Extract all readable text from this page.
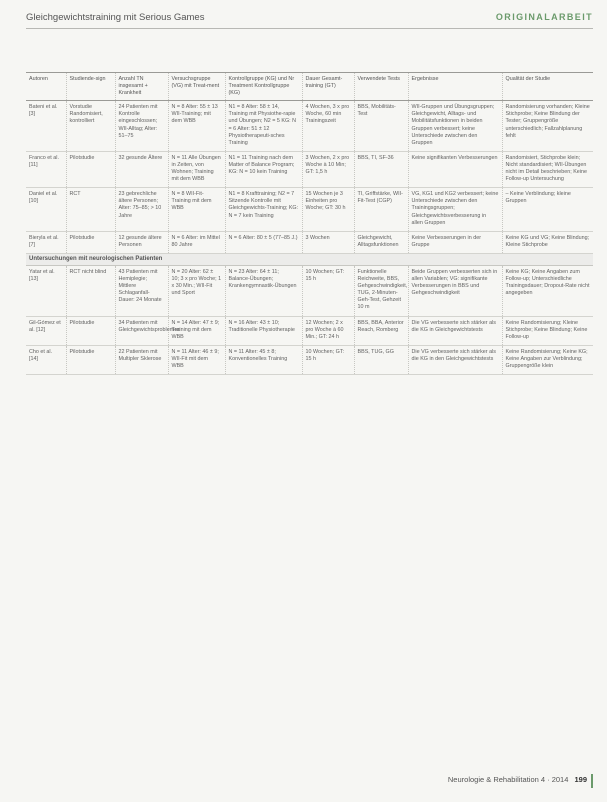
Gleichgewichtstraining mit Serious Games	ORIGINALARBEIT
Autoren	Studiende-sign	Anzahl TN insgesamt + Krankheit	Versuchsgruppe (VG) mit Treat-ment	Kontrollgruppe (KG) und Nr Treatment Kontrollgruppe (KG)	Dauer Gesamt-training (GT)	Verwendete Tests	Ergebnisse	Qualität der Studie
Bateni et al. [3]	Vorstudie Randomisiert, kontrolliert	24 Patienten mit Kontrolle eingeschlossen; WII-Alltag; Alter: 51–75	N = 8 Alter: 55 ± 13 WII-Training; mit dem WBB	N1 = 8 Alter: 58 ± 14, Training mit Physiothe-rapie und Übungen; N2 = 5 KG: N = 6 Alter: 51 ± 12 Physiotherapeuti-sches Training	4 Wochen, 3 x pro Woche, 60 min Trainingszeit	BBS, Mobilitäts-Test	WII-Gruppen und Übungsgruppen; Gleichgewicht, Alltags- und Mobilitätsfunktionen in beiden Gruppen verbessert; keine Unterschiede zwischen den Gruppen	Randomisierung vorhanden; Kleine Stichprobe; Keine Blindung der Tester; Gruppengröße unterschiedlich; Fallzahlplanung fehlt
Franco et al. [11]	Pilotstudie	32 gesunde Ältere	N = 11 Alle Übungen in Zeiten, von Wohnen; Training mit dem WBB	N1 = 11 Training nach dem Matter of Balance Program; KG: N = 10 kein Training	3 Wochen, 2 x pro Woche à 10 Min; GT: 1,5 h	BBS, TI, SF-36	Keine signifikanten Verbesserungen	Randomisiert, Stichprobe klein; Nicht standardisiert; WII-Übungen nicht im Detail beschrieben; Keine Follow-up Untersuchung
Daniel et al. [10]	RCT	23 gebrechliche ältere Personen; Alter: 75–85; > 10 Jahre	N = 8 WII-Fit-Training mit dem WBB	N1 = 8 Krafttraining; N2 = 7 Sitzende Kontrolle mit Gleichgewichts-Training; KG: N = 7 kein Training	15 Wochen je 3 Einheiten pro Woche; GT: 30 h	TI, Griffstärke, WII-Fit-Test (CGP)	VG, KG1 und KG2 verbessert; keine Unterschiede zwischen den Trainingsgruppen; Gleichgewichtsverbesserung in allen Gruppen	– Keine Verblindung; kleine Gruppen
Bieryla et al. [7]	Pilotstudie	12 gesunde ältere Personen	N = 6 Alter: im Mittel 80 Jahre	N = 6 Alter: 80 ± 5 (77–85 J.)	3 Wochen	Gleichgewicht, Alltagsfunktionen	Keine Verbesserungen in der Gruppe	Keine KG und VG; Keine Blindung; Kleine Stichprobe
Untersuchungen mit neurologischen Patienten								
Yatar et al. [13]	RCT nicht blind	43 Patienten mit Hemiplegie; Mittlere Schlaganfall-Dauer: 24 Monate	N = 20 Alter: 62 ± 10; 3 x pro Woche; 1 x 30 Min.; WII-Fit und Sport	N = 23 Alter: 64 ± 11; Balance-Übungen; Krankengymnastik-Übungen	10 Wochen; GT: 15 h	Funktionelle Reichweite, BBS, Gehgeschwindigkeit, TUG, 2-Minuten-Geh-Test, Gehzeit 10 m	Beide Gruppen verbesserten sich in allen Variablen; VG: signifikante Verbesserungen in BBS und Gehgeschwindigkeit	Keine KG; Keine Angaben zum Follow-up; Unterschiedliche Trainingsdauer; Dropout-Rate nicht angegeben
Gil-Gómez et al. [12]	Pilotstudie	34 Patienten mit Gleichgewichtsproblemen	N = 14 Alter: 47 ± 9; Training mit dem WBB	N = 16 Alter: 43 ± 10; Traditionelle Physiotherapie	12 Wochen; 2 x pro Woche à 60 Min.; GT: 24 h	BBS, BBA, Anterior Reach, Romberg	Die VG verbesserte sich stärker als die KG in Gleichgewichtstests	Keine Randomisierung; Kleine Stichprobe; Keine Blindung; Keine Follow-up
Cho et al. [14]	Pilotstudie	22 Patienten mit Multipler Sklerose	N = 11 Alter: 46 ± 9; WII-Fit mit dem WBB	N = 11 Alter: 45 ± 8; Konventionelles Training	10 Wochen; GT: 15 h	BBS, TUG, GG	Die VG verbesserte sich stärker als die KG in den Gleichgewichtstests	Keine Randomisierung; Keine KG; Keine Angaben zur Verblindung; Gruppengröße klein
Neurologie & Rehabilitation 4 · 2014 199
